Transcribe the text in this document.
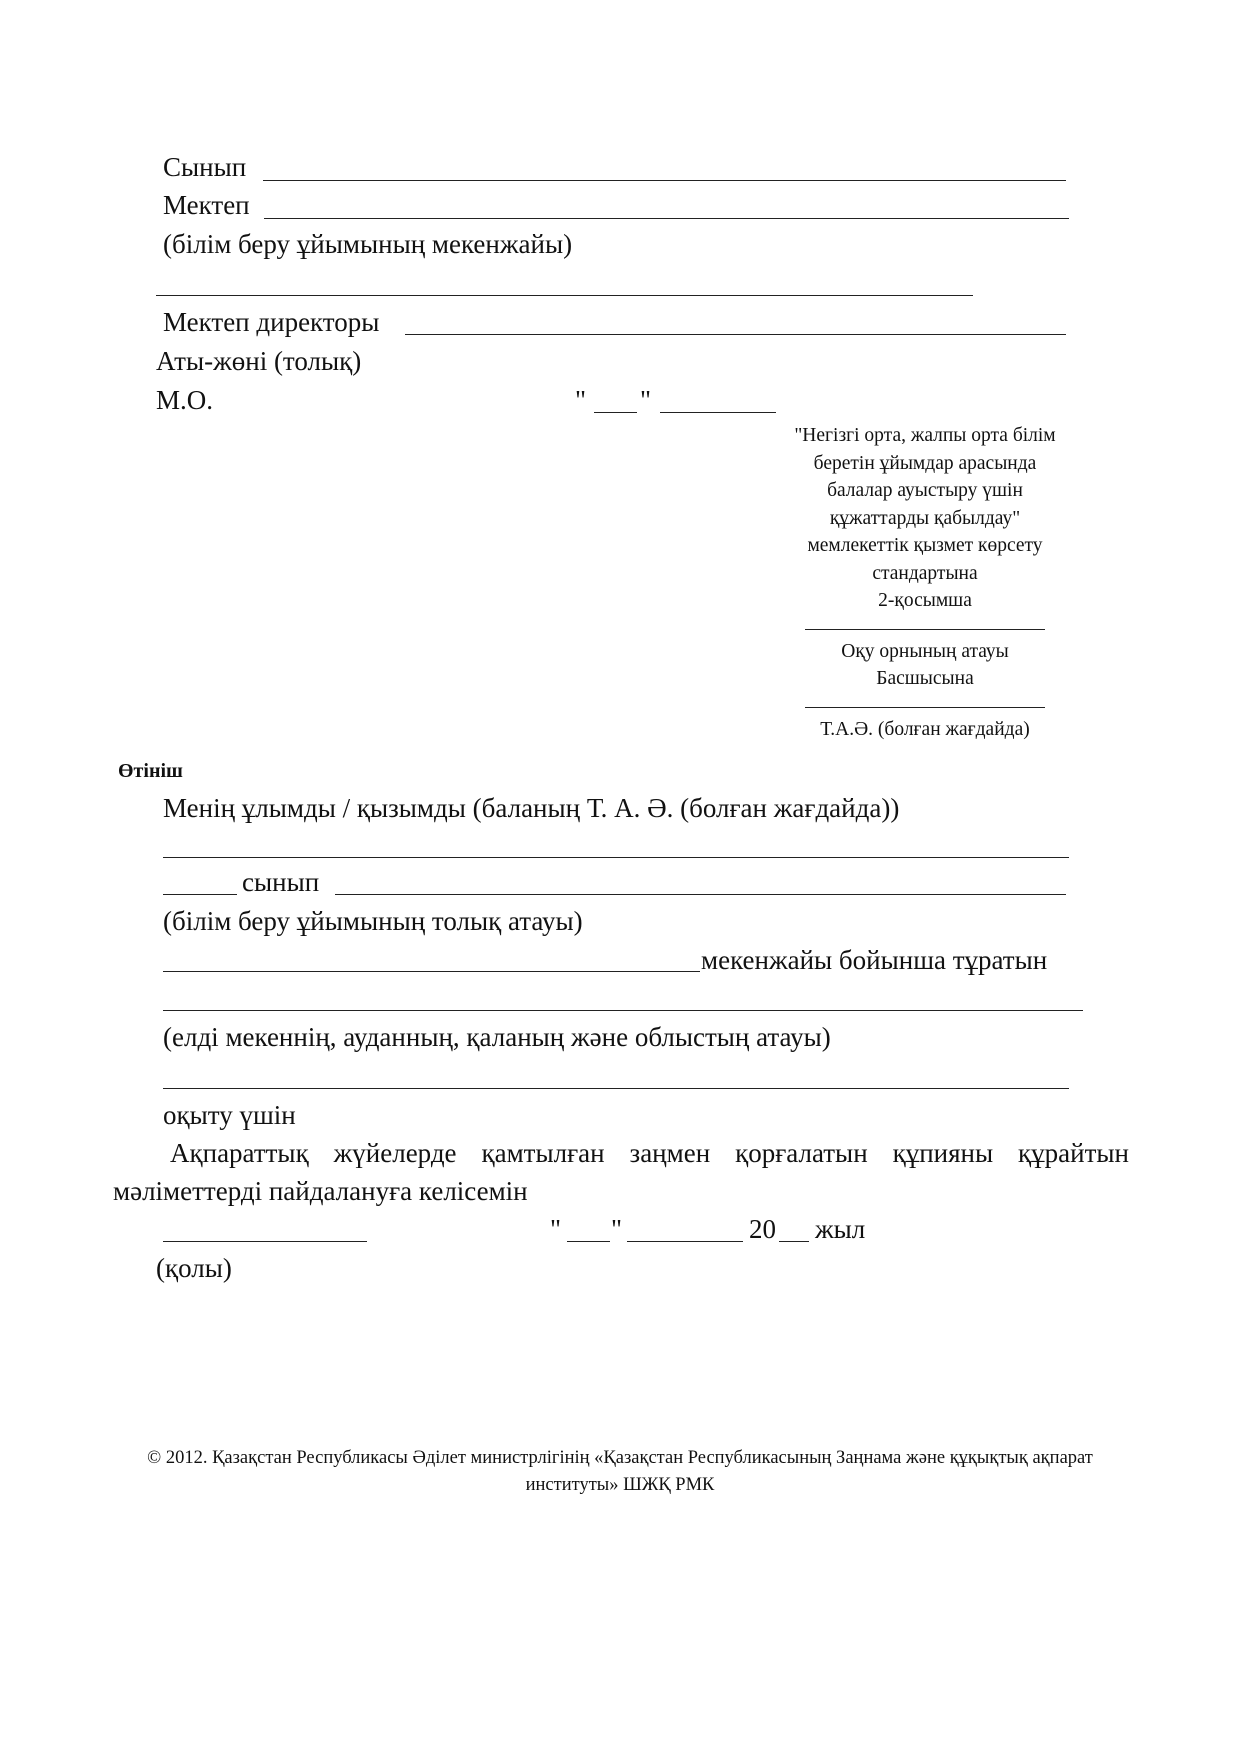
Сынып
Мектеп
(білім беру ұйымының мекенжайы)
Мектеп директоры
Аты-жөні (толық)
М.О.	" "
"Негізгі орта, жалпы орта білім
беретін ұйымдар арасында
балалар ауыстыру үшін
құжаттарды қабылдау"
мемлекеттік қызмет көрсету
стандартына
2-қосымша
Оқу орнының атауы
Басшысына
Т.А.Ә. (болған жағдайда)
Өтініш
Менің ұлымды / қызымды (баланың Т. А. Ә. (болған жағдайда))
сынып
(білім беру ұйымының толық атауы)
мекенжайы бойынша тұратын
(елді мекеннің, ауданның, қаланың және облыстың атауы)
оқыту үшін
Ақпараттық жүйелерде қамтылған заңмен қорғалатын құпияны құрайтын мәліметтерді пайдалануға келісемін
" "	20 жыл
(қолы)
© 2012. Қазақстан Республикасы Әділет министрлігінің «Қазақстан Республикасының Заңнама және құқықтық ақпарат
институты» ШЖҚ РМК
